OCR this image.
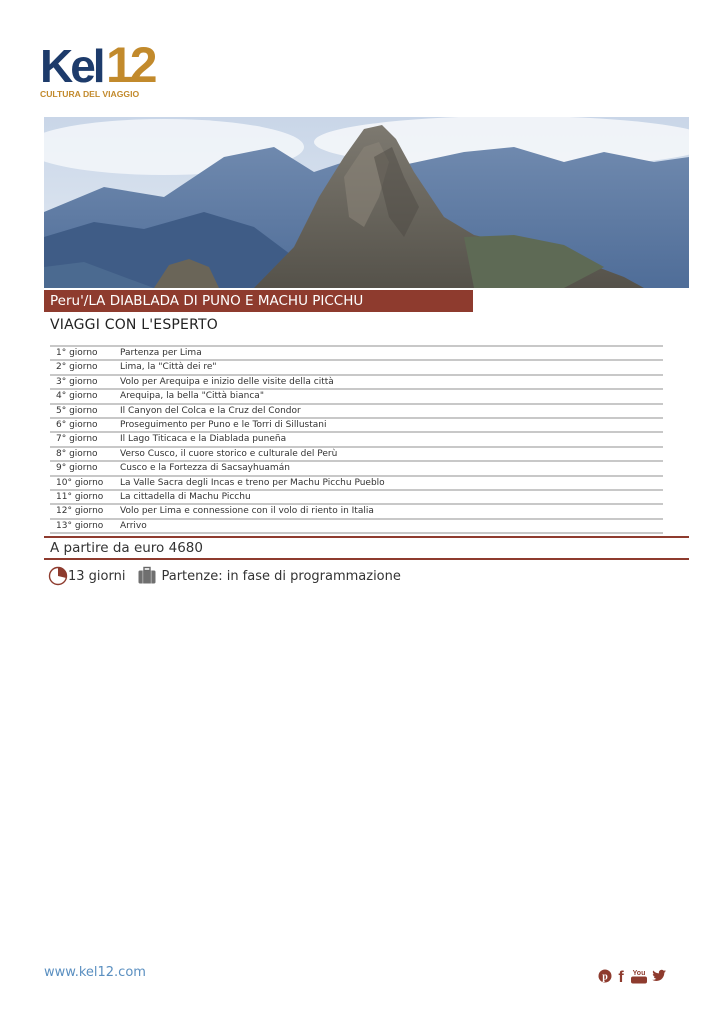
Kel 12
CULTURA DEL VIAGGIO
Peru'/LA DIABLADA DI PUNO E MACHU PICCHU
VIAGGI CON L'ESPERTO
1° giorno	Partenza per Lima
2° giorno	Lima, la "Città dei re"
3° giorno	Volo per Arequipa e inizio delle visite della città
4° giorno	Arequipa, la bella "Città bianca"
5° giorno	Il Canyon del Colca e la Cruz del Condor
6° giorno	Proseguimento per Puno e le Torri di Sillustani
7° giorno	Il Lago Titicaca e la Diablada puneña
8° giorno	Verso Cusco, il cuore storico e culturale del Perù
9° giorno	Cusco e la Fortezza di Sacsayhuamán
10° giorno	La Valle Sacra degli Incas e treno per Machu Picchu Pueblo
11° giorno	La cittadella di Machu Picchu
12° giorno	Volo per Lima e connessione con il volo di riento in Italia
13° giorno	Arrivo
A partire da euro 4680
13 giorni	Partenze: in fase di programmazione
www.kel12.com	p f You
